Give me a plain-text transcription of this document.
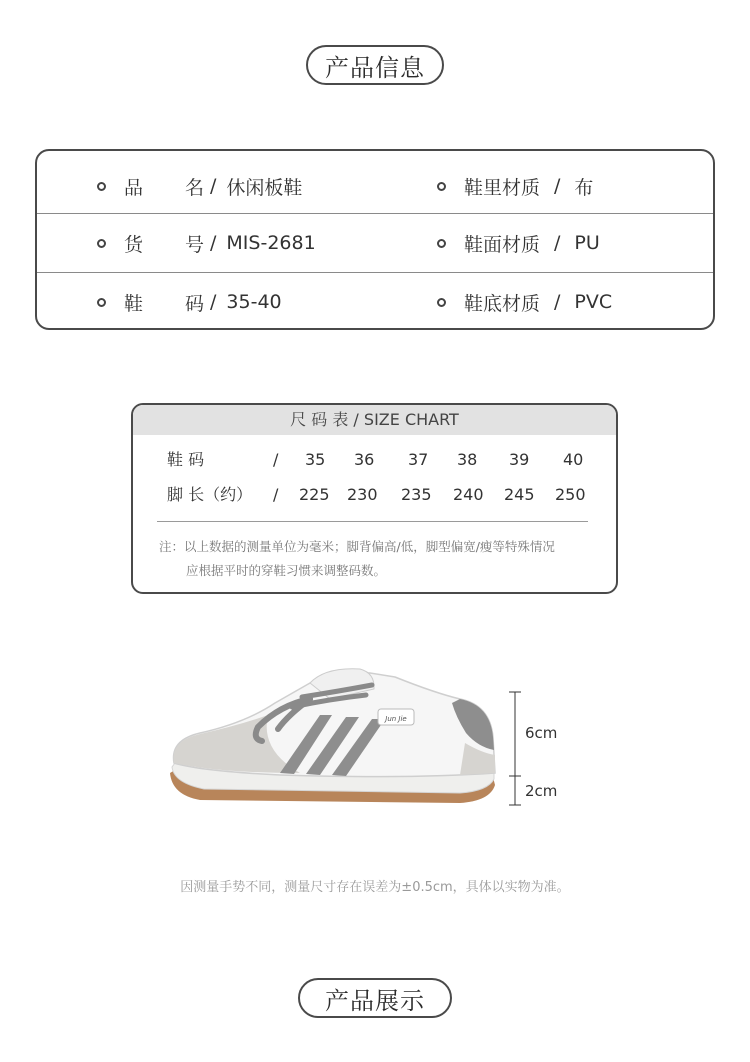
产品信息
品　名 / 休闲板鞋	鞋里材质 / 布
货　号 / MIS-2681	鞋面材质 / PU
鞋　码 / 35-40	鞋底材质 / PVC
尺 码 表 / SIZE CHART
鞋 码	/ 35 36 37 38 39 40
脚 长（约） / 225 230 235 240 245 250
注：以上数据的测量单位为毫米；脚背偏高/低，脚型偏宽/瘦等特殊情况
应根据平时的穿鞋习惯来调整码数。
Jun Jie
6cm
2cm
因测量手势不同，测量尺寸存在误差为±0.5cm，具体以实物为准。
产品展示
